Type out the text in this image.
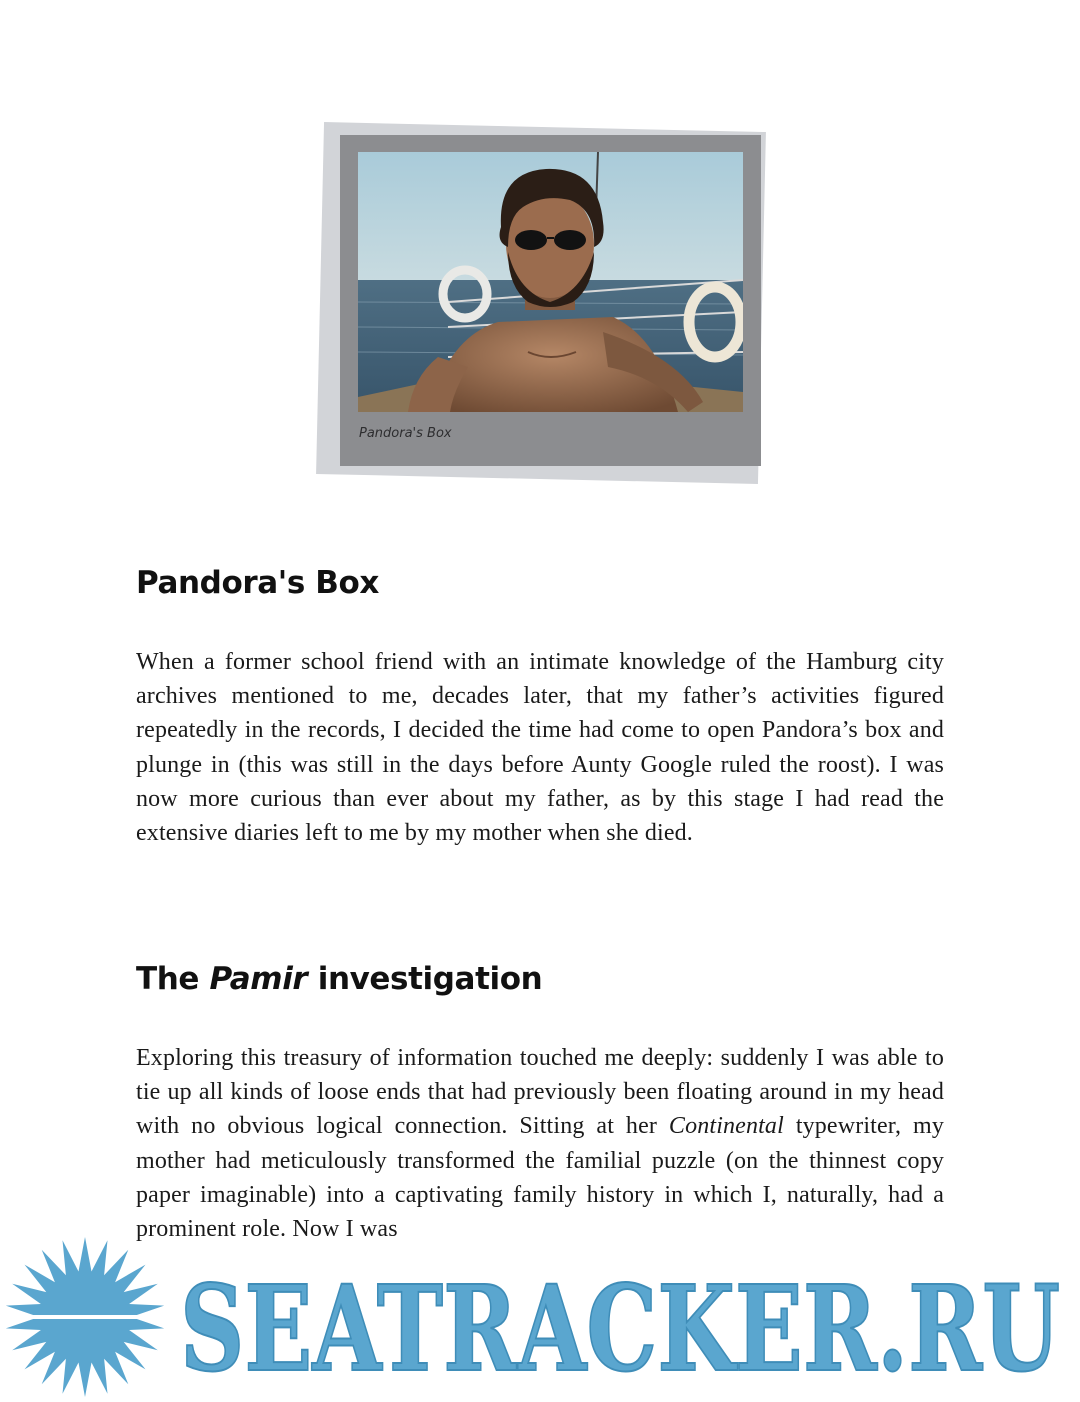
Pandora's Box
Pandora's Box

When a former school friend with an intimate knowledge of the Hamburg city archives mentioned to me, decades later, that my father’s activities figured repeatedly in the records, I decided the time had come to open Pandora’s box and plunge in (this was still in the days before Aunty Google ruled the roost). I was now more curious than ever about my father, as by this stage I had read the extensive diaries left to me by my mother when she died.

The Pamir investigation

Exploring this treasury of information touched me deeply: suddenly I was able to tie up all kinds of loose ends that had previously been floating around in my head with no obvious logical connection. Sitting at her Continental typewriter, my mother had meticulously transformed the familial puzzle (on the thinnest copy paper imaginable) into a captivating family history in which I, naturally, had a prominent role. Now I was

SEATRACKER.RU
